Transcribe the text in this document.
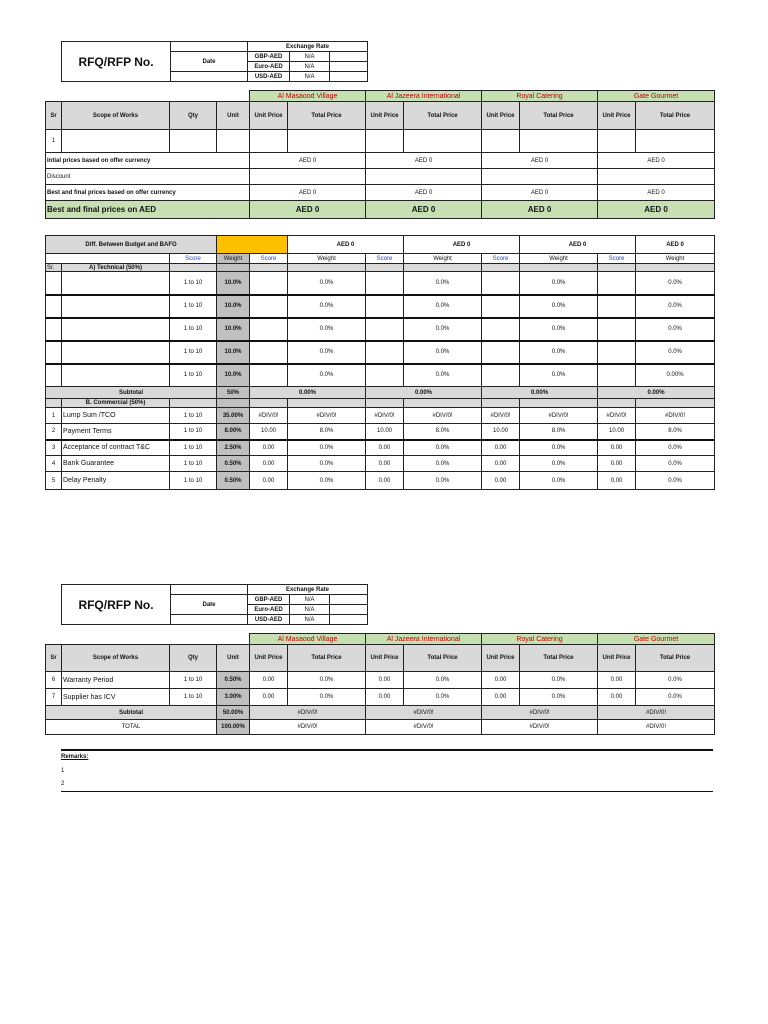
RFQ/RFP No.		Exchange Rate		
	Date	GBP-AED	N/A	
		Euro-AED	N/A	
		USD-AED	N/A	
				Al Masaood Village		Al Jazeera International		Royal Catering		Gate Gourmet	
Sr	Scope of Works	Qty	Unit	Unit Price	Total Price	Unit Price	Total Price	Unit Price	Total Price	Unit Price	Total Price
1											
Intial prices based on offer currency				AED 0		AED 0		AED 0		AED 0	
Discount											
Best and final prices based on offer currency				AED 0		AED 0		AED 0		AED 0	
Best and final prices on AED				AED 0		AED 0		AED 0		AED 0	
Diff. Between Budget and BAFO					AED 0		AED 0		AED 0		AED 0
		Score	Weight	Score	Weight	Score	Weight	Score	Weight	Score	Weight
Sr.	A) Technical (50%)										
		1 to 10	10.0%		0.0%		0.0%		0.0%		0.0%
		1 to 10	10.0%		0.0%		0.0%		0.0%		0.0%
		1 to 10	10.0%		0.0%		0.0%		0.0%		0.0%
		1 to 10	10.0%		0.0%		0.0%		0.0%		0.0%
		1 to 10	10.0%		0.0%		0.0%		0.0%		0.00%
Subtotal			50%	0.00%		0.00%		0.00%		0.00%	
	B. Commercial (50%)										
1	Lump Sum /TCO	1 to 10	35.00%	#DIV/0!	#DIV/0!	#DIV/0!	#DIV/0!	#DIV/0!	#DIV/0!	#DIV/0!	#DIV/0!
2	Payment Terms	1 to 10	8.00%	10.00	8.0%	10.00	8.0%	10.00	8.0%	10.00	8.0%
3	Acceptance of contract T&C	1 to 10	2.50%	0.00	0.0%	0.00	0.0%	0.00	0.0%	0.00	0.0%
4	Bank Guarantee	1 to 10	0.50%	0.00	0.0%	0.00	0.0%	0.00	0.0%	0.00	0.0%
5	Delay Penalty	1 to 10	0.50%	0.00	0.0%	0.00	0.0%	0.00	0.0%	0.00	0.0%
RFQ/RFP No.		Exchange Rate		
	Date	GBP-AED	N/A	
		Euro-AED	N/A	
		USD-AED	N/A	
				Al Masaood Village		Al Jazeera International		Royal Catering		Gate Gourmet	
Sr	Scope of Works	Qty	Unit	Unit Price	Total Price	Unit Price	Total Price	Unit Price	Total Price	Unit Price	Total Price
6	Warranty Period	1 to 10	0.50%	0.00	0.0%	0.00	0.0%	0.00	0.0%	0.00	0.0%
7	Supplier has ICV	1 to 10	3.00%	0.00	0.0%	0.00	0.0%	0.00	0.0%	0.00	0.0%
Subtotal			50.00%	#DIV/0!		#DIV/0!		#DIV/0!		#DIV/0!	
TOTAL			100.00%	#DIV/0!		#DIV/0!		#DIV/0!		#DIV/0!	
Remarks:
1
2
